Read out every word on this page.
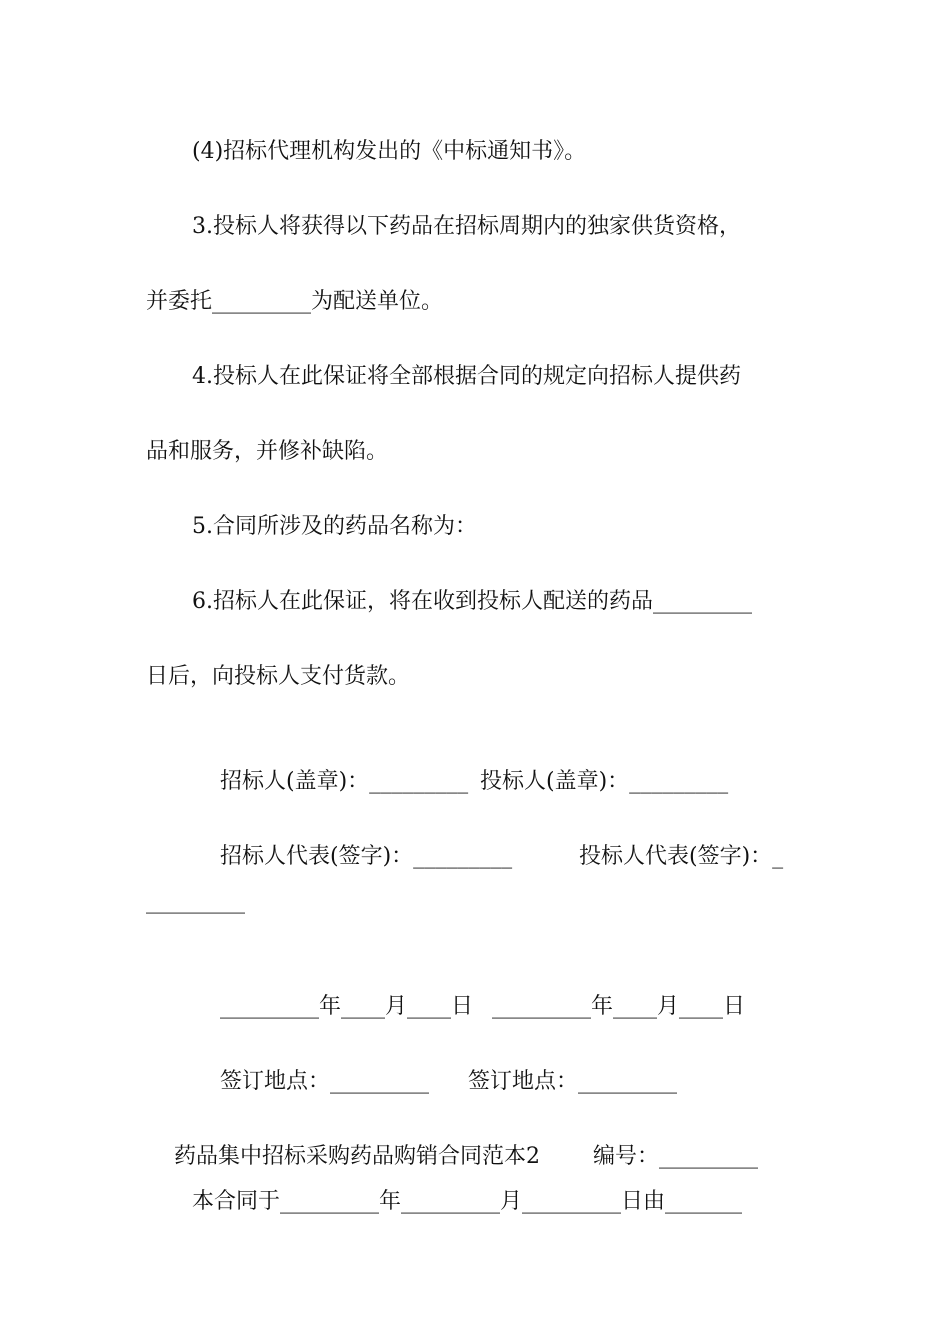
(4)招标代理机构发出的《中标通知书》。
3.投标人将获得以下药品在招标周期内的独家供货资格，
并委托_________为配送单位。
4.投标人在此保证将全部根据合同的规定向招标人提供药
品和服务，并修补缺陷。
5.合同所涉及的药品名称为：
6.招标人在此保证，将在收到投标人配送的药品_________
日后，向投标人支付货款。

招标人(盖章)：_________ 投标人(盖章)：_________

招标人代表(签字)：_________	投标人代表(签字)：_

_________

_________年____月____日 _________年____月____日

签订地点：_________ 签订地点：_________

药品集中招标采购药品购销合同范本2 编号：_________

本合同于_________年_________月_________日由_______
